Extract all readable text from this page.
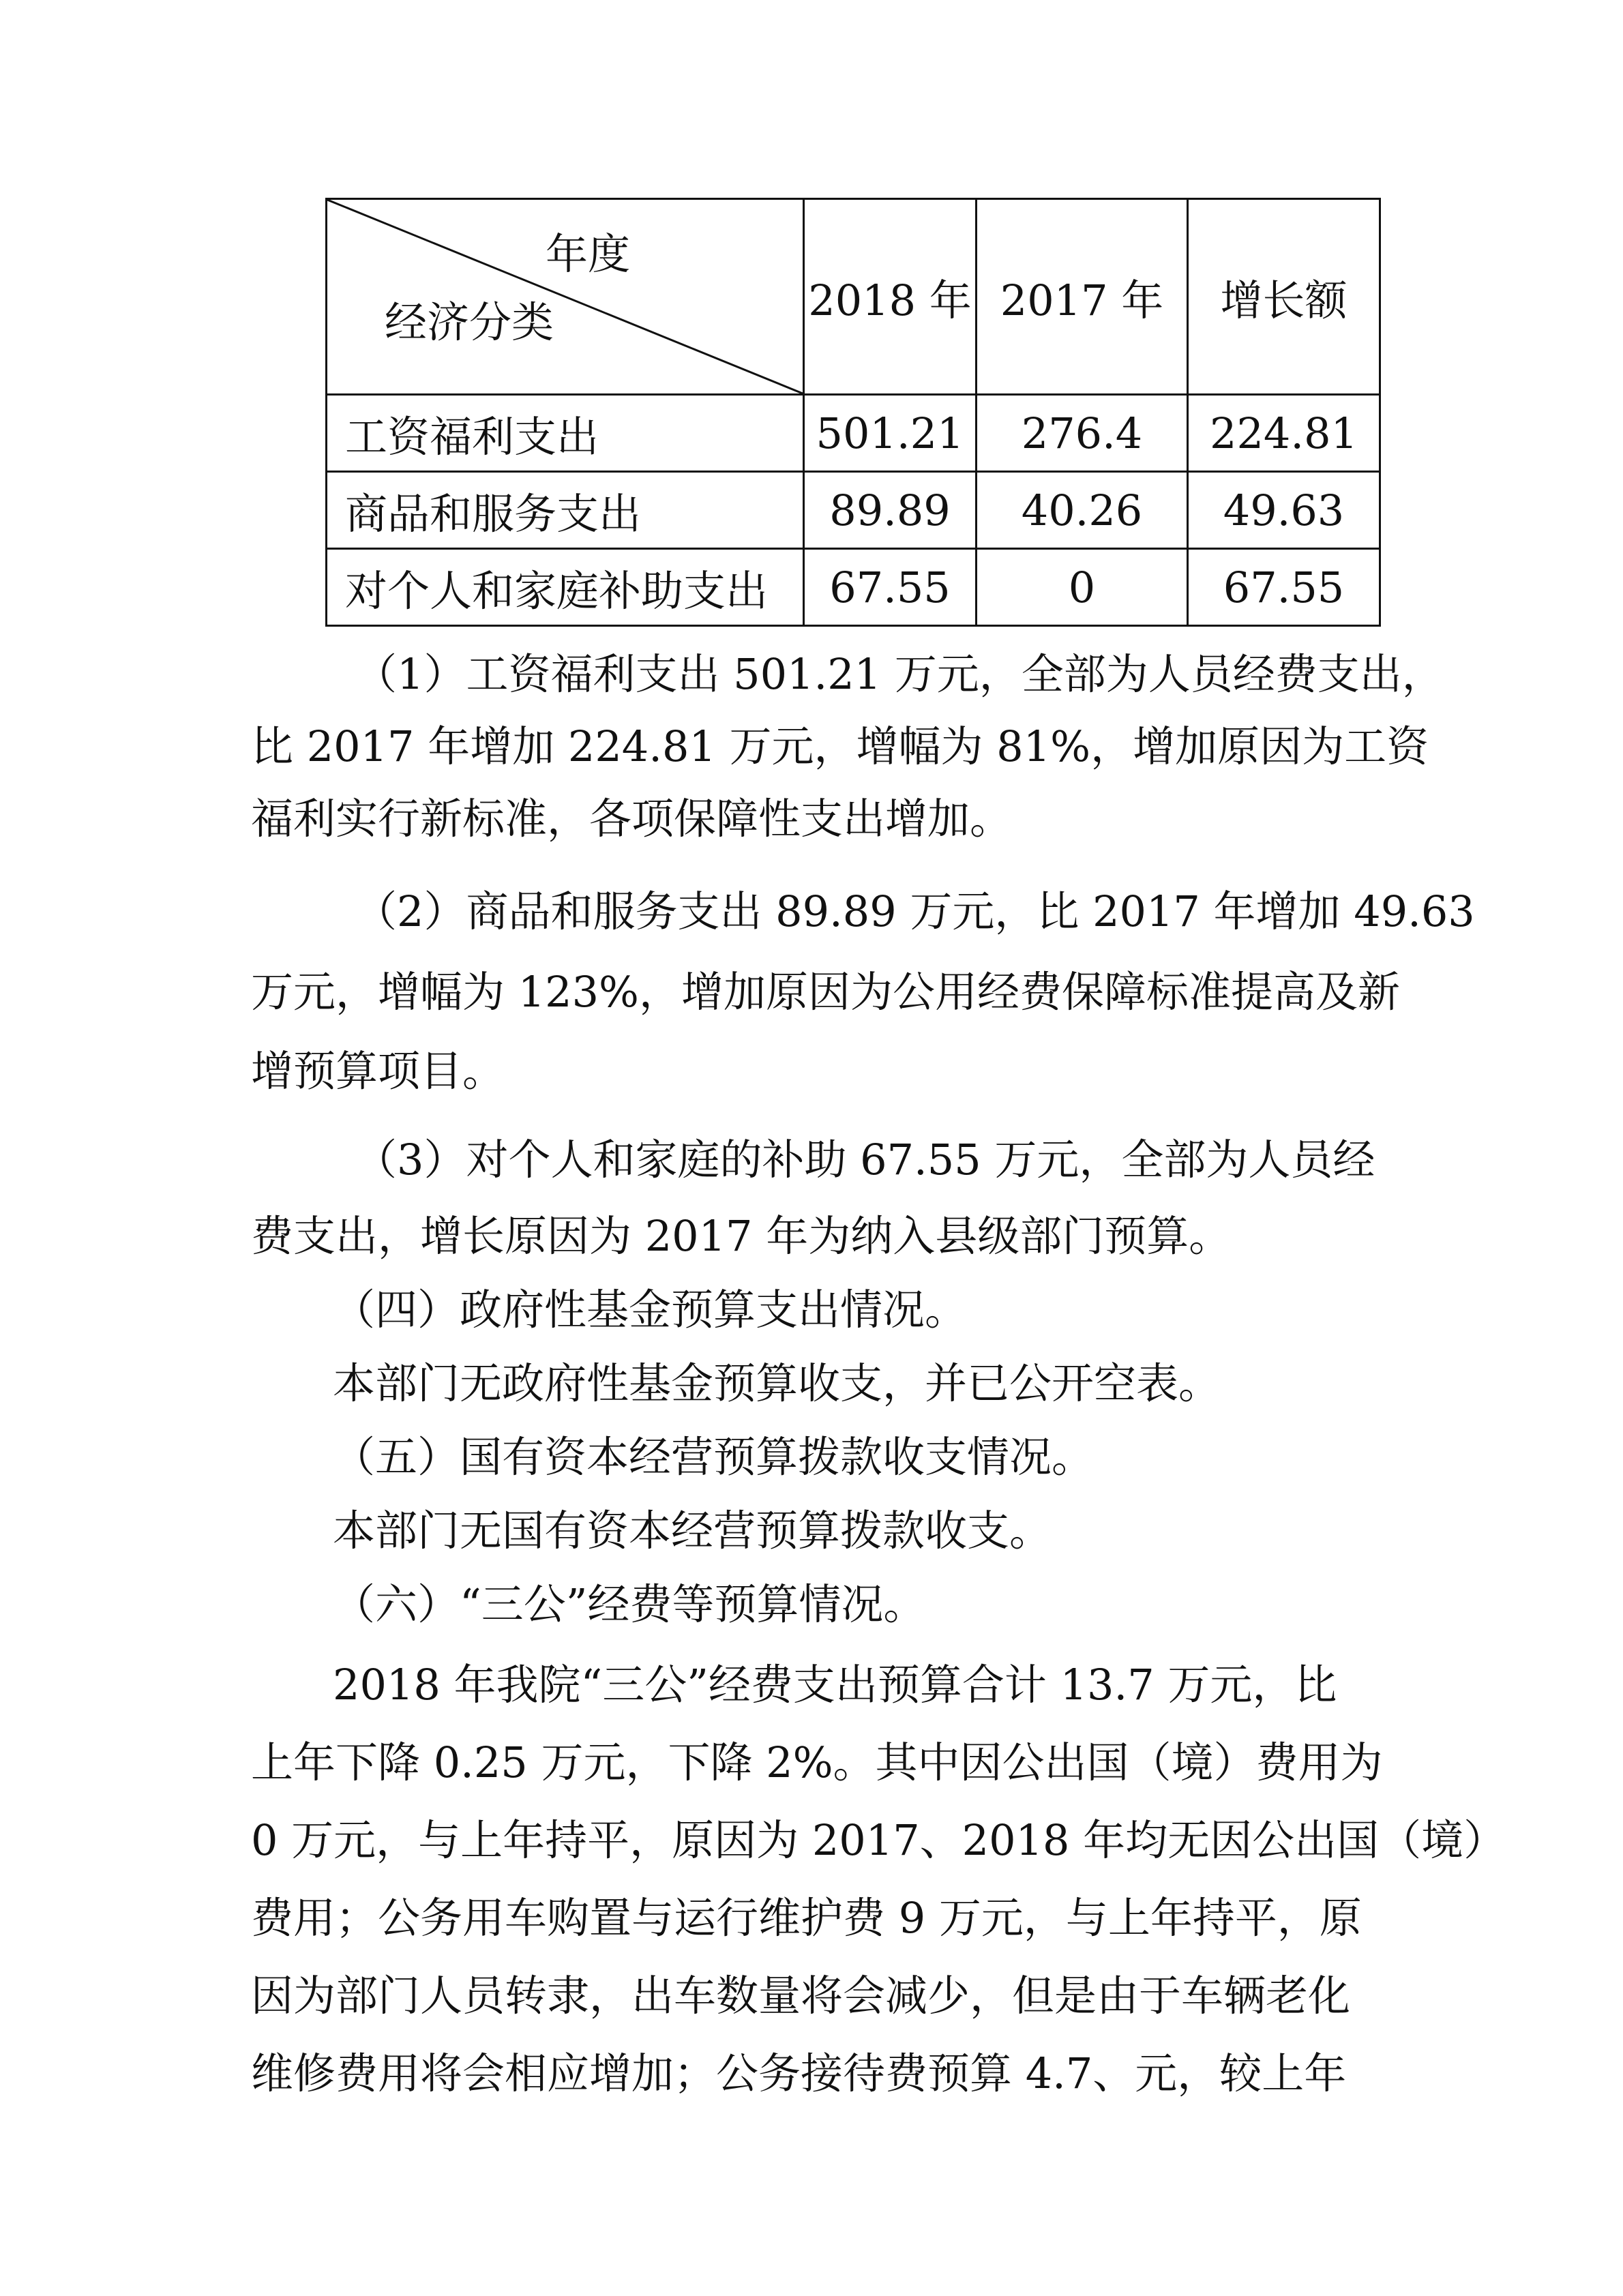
年度
经济分类	2018 年	2017 年	增长额
工资福利支出	501.21	276.4	224.81
商品和服务支出	89.89	40.26	49.63
对个人和家庭补助支出	67.55	0	67.55
（1）工资福利支出 501.21 万元，全部为人员经费支出，
比 2017 年增加 224.81 万元，增幅为 81%，增加原因为工资
福利实行新标准，各项保障性支出增加。
（2）商品和服务支出 89.89 万元，比 2017 年增加 49.63
万元，增幅为 123%，增加原因为公用经费保障标准提高及新
增预算项目。
（3）对个人和家庭的补助 67.55 万元，全部为人员经
费支出，增长原因为 2017 年为纳入县级部门预算。
（四）政府性基金预算支出情况。
本部门无政府性基金预算收支，并已公开空表。
（五）国有资本经营预算拨款收支情况。
本部门无国有资本经营预算拨款收支。
（六）“三公”经费等预算情况。
2018 年我院“三公”经费支出预算合计 13.7 万元，比
上年下降 0.25 万元，下降 2%。其中因公出国（境）费用为
0 万元，与上年持平，原因为 2017、2018 年均无因公出国（境）
费用；公务用车购置与运行维护费 9 万元，与上年持平，原
因为部门人员转隶，出车数量将会减少，但是由于车辆老化
维修费用将会相应增加；公务接待费预算 4.7、元，较上年
